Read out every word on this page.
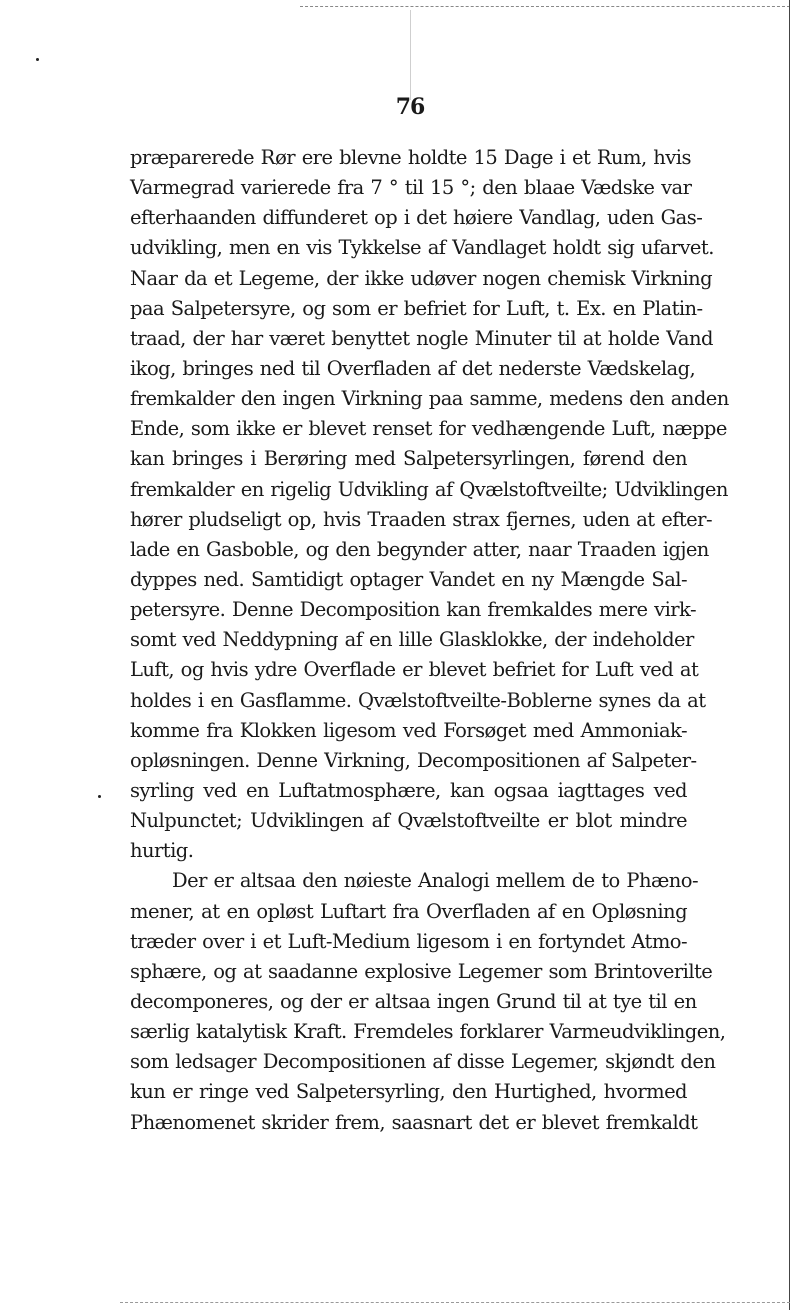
76
præparerede Rør ere blevne holdte 15 Dage i et Rum, hvis
Varmegrad varierede fra 7 ° til 15 °; den blaae Vædske var
efterhaanden diffunderet op i det høiere Vandlag, uden Gas-
udvikling, men en vis Tykkelse af Vandlaget holdt sig ufarvet.
Naar da et Legeme, der ikke udøver nogen chemisk Virkning
paa Salpetersyre, og som er befriet for Luft, t. Ex. en Platin-
traad, der har været benyttet nogle Minuter til at holde Vand
ikog, bringes ned til Overfladen af det nederste Vædskelag,
fremkalder den ingen Virkning paa samme, medens den anden
Ende, som ikke er blevet renset for vedhængende Luft, næppe
kan bringes i Berøring med Salpetersyrlingen, førend den
fremkalder en rigelig Udvikling af Qvælstoftveilte; Udviklingen
hører pludseligt op, hvis Traaden strax fjernes, uden at efter-
lade en Gasboble, og den begynder atter, naar Traaden igjen
dyppes ned. Samtidigt optager Vandet en ny Mængde Sal-
petersyre. Denne Decomposition kan fremkaldes mere virk-
somt ved Neddypning af en lille Glasklokke, der indeholder
Luft, og hvis ydre Overflade er blevet befriet for Luft ved at
holdes i en Gasflamme. Qvælstoftveilte-Boblerne synes da at
komme fra Klokken ligesom ved Forsøget med Ammoniak-
opløsningen. Denne Virkning, Decompositionen af Salpeter-
syrling ved en Luftatmosphære, kan ogsaa iagttages ved
Nulpunctet; Udviklingen af Qvælstoftveilte er blot mindre
hurtig.
Der er altsaa den nøieste Analogi mellem de to Phæno-
mener, at en opløst Luftart fra Overfladen af en Opløsning
træder over i et Luft-Medium ligesom i en fortyndet Atmo-
sphære, og at saadanne explosive Legemer som Brintoverilte
decomponeres, og der er altsaa ingen Grund til at tye til en
særlig katalytisk Kraft. Fremdeles forklarer Varmeudviklingen,
som ledsager Decompositionen af disse Legemer, skjøndt den
kun er ringe ved Salpetersyrling, den Hurtighed, hvormed
Phænomenet skrider frem, saasnart det er blevet fremkaldt
